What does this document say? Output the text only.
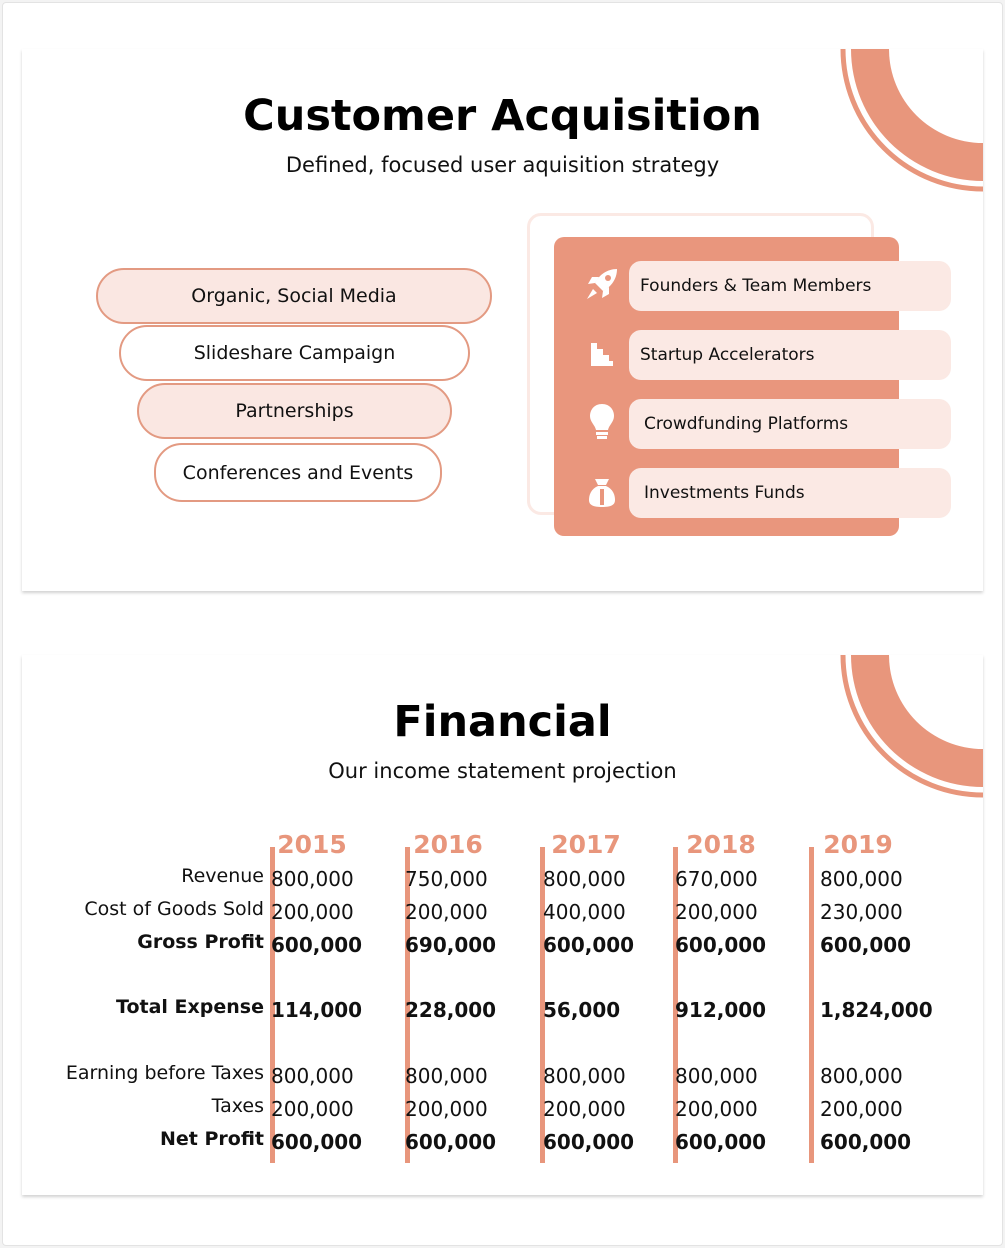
Customer Acquisition
Defined, focused user aquisition strategy
Organic, Social Media
Slideshare Campaign
Partnerships
Conferences and Events
Founders & Team Members
Startup Accelerators
Crowdfunding Platforms
Investments Funds
Financial
Our income statement projection
2015	2016	2017	2018	2019
Revenue 800,000	750,000	800,000	670,000	800,000
Cost of Goods Sold 200,000	200,000	400,000	200,000	230,000
Gross Profit 600,000	690,000	600,000	600,000	600,000
Total Expense 114,000	228,000	56,000	912,000	1,824,000
Earning before Taxes 800,000	800,000	800,000	800,000	800,000
Taxes 200,000	200,000	200,000	200,000	200,000
Net Profit 600,000	600,000	600,000	600,000	600,000
